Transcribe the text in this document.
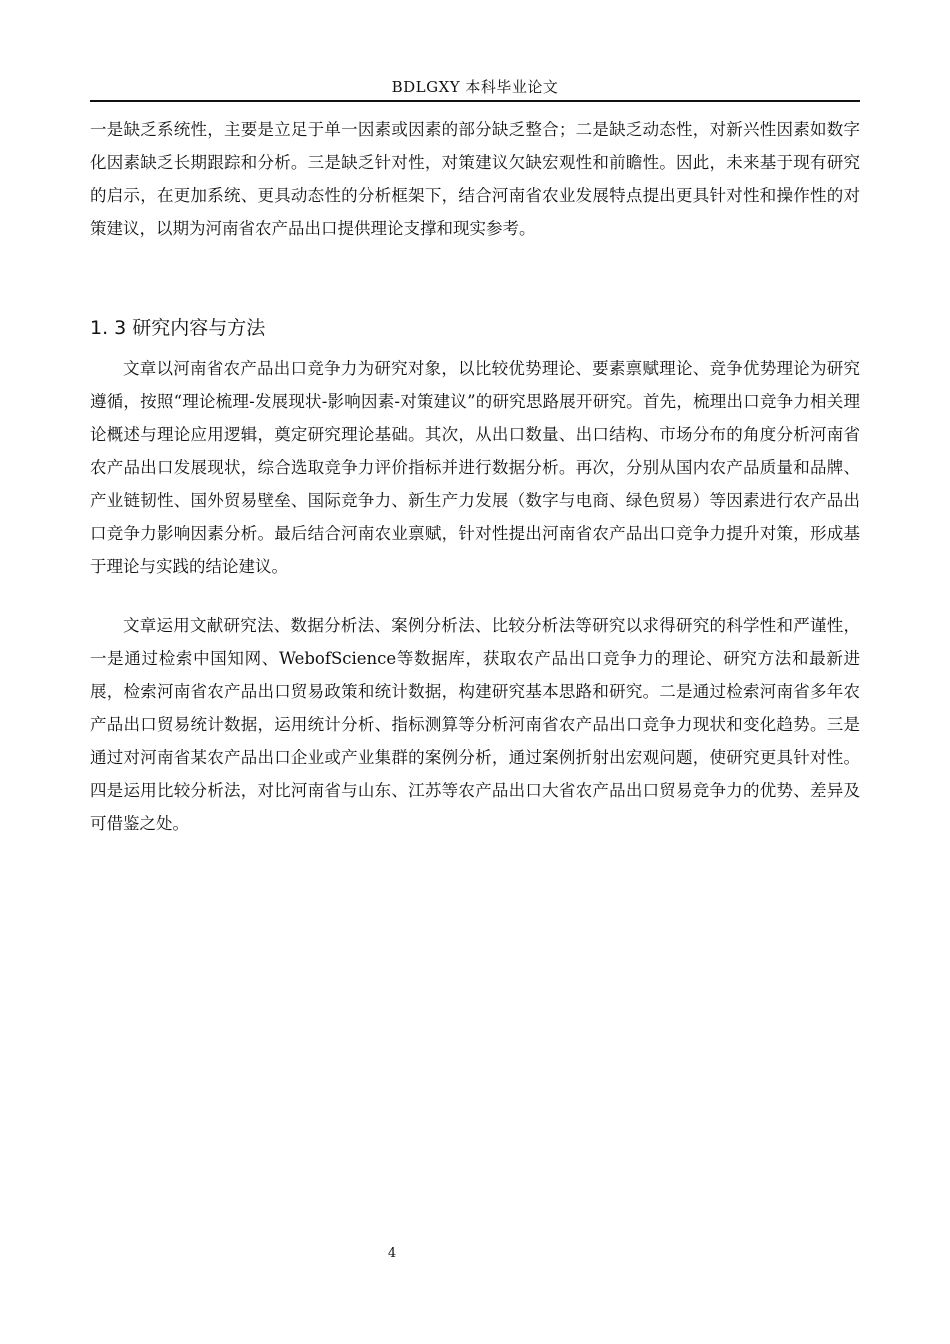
BDLGXY 本科毕业论文

一是缺乏系统性，主要是立足于单一因素或因素的部分缺乏整合；二是缺乏动态性，对新兴性因素如数字化因素缺乏长期跟踪和分析。三是缺乏针对性，对策建议欠缺宏观性和前瞻性。因此，未来基于现有研究的启示，在更加系统、更具动态性的分析框架下，结合河南省农业发展特点提出更具针对性和操作性的对策建议，以期为河南省农产品出口提供理论支撑和现实参考。

1. 3 研究内容与方法

文章以河南省农产品出口竞争力为研究对象，以比较优势理论、要素禀赋理论、竞争优势理论为研究遵循，按照“理论梳理-发展现状-影响因素-对策建议”的研究思路展开研究。首先，梳理出口竞争力相关理论概述与理论应用逻辑，奠定研究理论基础。其次，从出口数量、出口结构、市场分布的角度分析河南省农产品出口发展现状，综合选取竞争力评价指标并进行数据分析。再次，分别从国内农产品质量和品牌、产业链韧性、国外贸易壁垒、国际竞争力、新生产力发展（数字与电商、绿色贸易）等因素进行农产品出口竞争力影响因素分析。最后结合河南农业禀赋，针对性提出河南省农产品出口竞争力提升对策，形成基于理论与实践的结论建议。

文章运用文献研究法、数据分析法、案例分析法、比较分析法等研究以求得研究的科学性和严谨性，一是通过检索中国知网、WebofScience等数据库，获取农产品出口竞争力的理论、研究方法和最新进展，检索河南省农产品出口贸易政策和统计数据，构建研究基本思路和研究。二是通过检索河南省多年农产品出口贸易统计数据，运用统计分析、指标测算等分析河南省农产品出口竞争力现状和变化趋势。三是通过对河南省某农产品出口企业或产业集群的案例分析，通过案例折射出宏观问题，使研究更具针对性。四是运用比较分析法，对比河南省与山东、江苏等农产品出口大省农产品出口贸易竞争力的优势、差异及可借鉴之处。

4
